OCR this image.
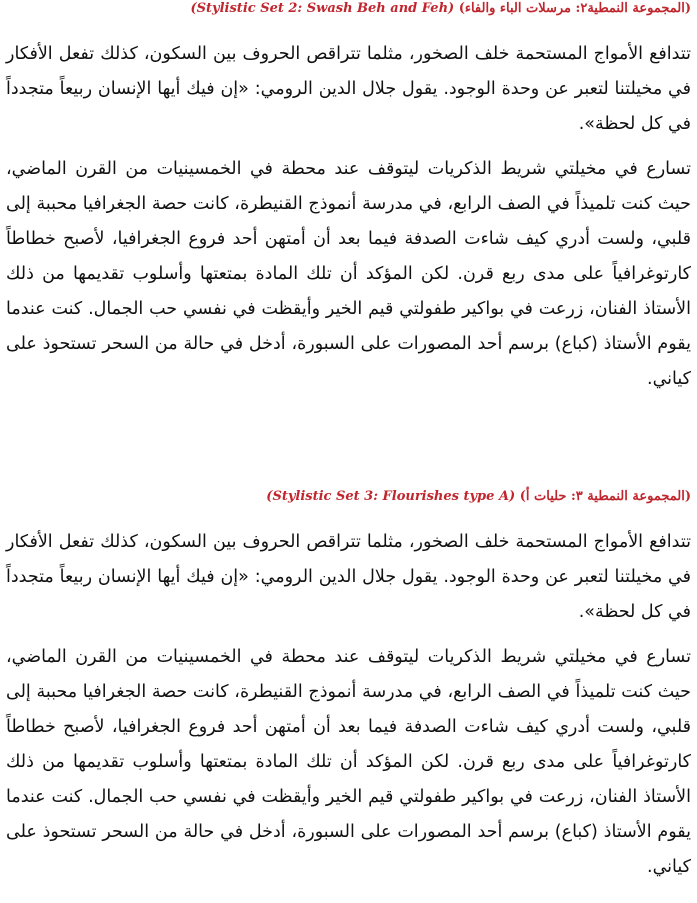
(المجموعة النمطية٢: مرسلات الباء والفاء) (Stylistic Set 2: Swash Beh and Feh)

تتدافع الأمواج المستحمة خلف الصخور، مثلما تتراقص الحروف بين السكون، كذلك تفعل الأفكار في مخيلتنا لتعبر عن وحدة الوجود. يقول جلال الدين الرومي: «إن فيك أيها الإنسان ربيعاً متجدداً في كل لحظة».

تسارع في مخيلتي شريط الذكريات ليتوقف عند محطة في الخمسينيات من القرن الماضي، حيث كنت تلميذاً في الصف الرابع، في مدرسة أنموذج القنيطرة، كانت حصة الجغرافيا محببة إلى قلبي، ولست أدري كيف شاءت الصدفة فيما بعد أن أمتهن أحد فروع الجغرافيا، لأصبح خطاطاً كارتوغرافياً على مدى ربع قرن. لكن المؤكد أن تلك المادة بمتعتها وأسلوب تقديمها من ذلك الأستاذ الفنان، زرعت في بواكير طفولتي قيم الخير وأيقظت في نفسي حب الجمال. كنت عندما يقوم الأستاذ (كباع) برسم أحد المصورات على السبورة، أدخل في حالة من السحر تستحوذ على كياني.

(المجموعة النمطية ٣: حليات أ) (Stylistic Set 3: Flourishes type A)

تتدافع الأمواج المستحمة خلف الصخور، مثلما تتراقص الحروف بين السكون، كذلك تفعل الأفكار في مخيلتنا لتعبر عن وحدة الوجود. يقول جلال الدين الرومي: «إن فيك أيها الإنسان ربيعاً متجدداً في كل لحظة».

تسارع في مخيلتي شريط الذكريات ليتوقف عند محطة في الخمسينيات من القرن الماضي، حيث كنت تلميذاً في الصف الرابع، في مدرسة أنموذج القنيطرة، كانت حصة الجغرافيا محببة إلى قلبي، ولست أدري كيف شاءت الصدفة فيما بعد أن أمتهن أحد فروع الجغرافيا، لأصبح خطاطاً كارتوغرافياً على مدى ربع قرن. لكن المؤكد أن تلك المادة بمتعتها وأسلوب تقديمها من ذلك الأستاذ الفنان، زرعت في بواكير طفولتي قيم الخير وأيقظت في نفسي حب الجمال. كنت عندما يقوم الأستاذ (كباع) برسم أحد المصورات على السبورة، أدخل في حالة من السحر تستحوذ على كياني.
